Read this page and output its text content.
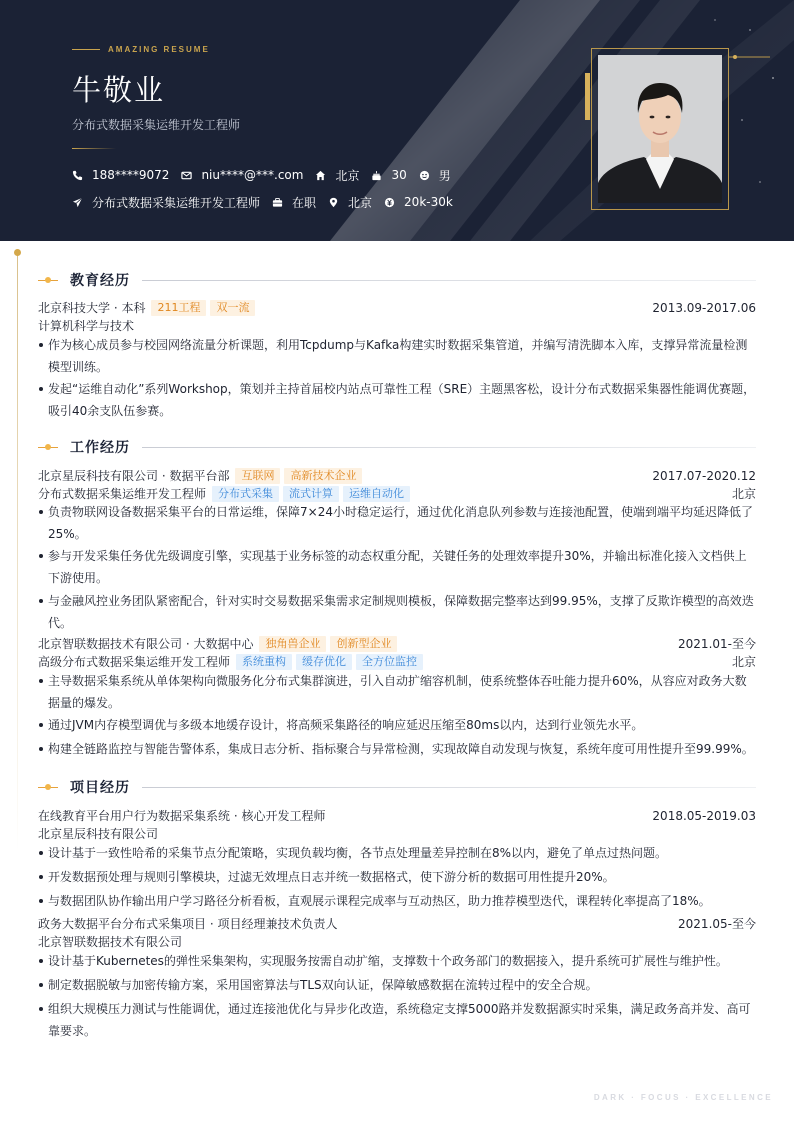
AMAZING RESUME
牛敬业
分布式数据采集运维开发工程师
188****9072	niu****@***.com	北京	30	男
分布式数据采集运维开发工程师	在职	北京	20k-30k
教育经历
北京科技大学 · 本科	211工程	双一流	2013.09-2017.06
计算机科学与技术
作为核心成员参与校园网络流量分析课题，利用Tcpdump与Kafka构建实时数据采集管道，并编写清洗脚本入库，支撑异常流量检测模型训练。
发起“运维自动化”系列Workshop，策划并主持首届校内站点可靠性工程（SRE）主题黑客松，设计分布式数据采集器性能调优赛题，吸引40余支队伍参赛。
工作经历
北京星辰科技有限公司 · 数据平台部	互联网	高新技术企业	2017.07-2020.12
分布式数据采集运维开发工程师	分布式采集	流式计算	运维自动化	北京
负责物联网设备数据采集平台的日常运维，保障7×24小时稳定运行，通过优化消息队列参数与连接池配置，使端到端平均延迟降低了25%。
参与开发采集任务优先级调度引擎，实现基于业务标签的动态权重分配，关键任务的处理效率提升30%，并输出标准化接入文档供上下游使用。
与金融风控业务团队紧密配合，针对实时交易数据采集需求定制规则模板，保障数据完整率达到99.95%，支撑了反欺诈模型的高效迭代。
北京智联数据技术有限公司 · 大数据中心	独角兽企业	创新型企业	2021.01-至今
高级分布式数据采集运维开发工程师	系统重构	缓存优化	全方位监控	北京
主导数据采集系统从单体架构向微服务化分布式集群演进，引入自动扩缩容机制，使系统整体吞吐能力提升60%，从容应对政务大数据量的爆发。
通过JVM内存模型调优与多级本地缓存设计，将高频采集路径的响应延迟压缩至80ms以内，达到行业领先水平。
构建全链路监控与智能告警体系，集成日志分析、指标聚合与异常检测，实现故障自动发现与恢复，系统年度可用性提升至99.99%。
项目经历
在线教育平台用户行为数据采集系统 · 核心开发工程师	2018.05-2019.03
北京星辰科技有限公司
设计基于一致性哈希的采集节点分配策略，实现负载均衡，各节点处理量差异控制在8%以内，避免了单点过热问题。
开发数据预处理与规则引擎模块，过滤无效埋点日志并统一数据格式，使下游分析的数据可用性提升20%。
与数据团队协作输出用户学习路径分析看板，直观展示课程完成率与互动热区，助力推荐模型迭代，课程转化率提高了18%。
政务大数据平台分布式采集项目 · 项目经理兼技术负责人	2021.05-至今
北京智联数据技术有限公司
设计基于Kubernetes的弹性采集架构，实现服务按需自动扩缩，支撑数十个政务部门的数据接入，提升系统可扩展性与维护性。
制定数据脱敏与加密传输方案，采用国密算法与TLS双向认证，保障敏感数据在流转过程中的安全合规。
组织大规模压力测试与性能调优，通过连接池优化与异步化改造，系统稳定支撑5000路并发数据源实时采集，满足政务高并发、高可靠要求。
DARK · FOCUS · EXCELLENCE
